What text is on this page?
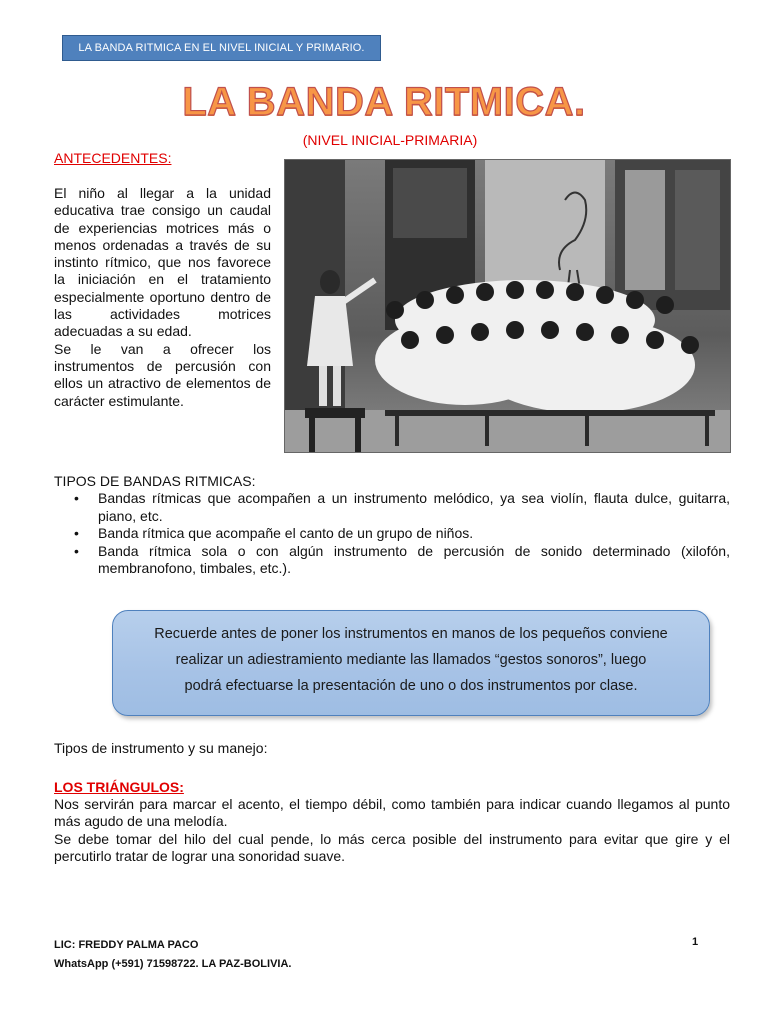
LA BANDA RITMICA EN EL NIVEL INICIAL Y PRIMARIO.
LA BANDA RITMICA.
(NIVEL INICIAL-PRIMARIA)
ANTECEDENTES:

El niño al llegar a la unidad educativa trae consigo un caudal de experiencias motrices más o menos ordenadas a través de su instinto rítmico, que nos favorece la iniciación en el tratamiento especialmente oportuno dentro de las actividades motrices adecuadas a su edad.

Se le van a ofrecer los instrumentos de percusión con ellos un atractivo de elementos de carácter estimulante.

TIPOS DE BANDAS RITMICAS:
• Bandas rítmicas que acompañen a un instrumento melódico, ya sea violín, flauta dulce, guitarra, piano, etc.
• Banda rítmica que acompañe el canto de un grupo de niños.
• Banda rítmica sola o con algún instrumento de percusión de sonido determinado (xilofón, membranofono, timbales, etc.).
Recuerde antes de poner los instrumentos en manos de los pequeños conviene
realizar un adiestramiento mediante las llamados “gestos sonoros”, luego
podrá efectuarse la presentación de uno o dos instrumentos por clase.
Tipos de instrumento y su manejo:
LOS TRIÁNGULOS:

Nos servirán para marcar el acento, el tiempo débil, como también para indicar cuando llegamos al punto más agudo de una melodía.

Se debe tomar del hilo del cual pende, lo más cerca posible del instrumento para evitar que gire y el percutirlo tratar de lograr una sonoridad suave.

LIC: FREDDY PALMA PACO
WhatsApp (+591) 71598722. LA PAZ-BOLIVIA.
1
